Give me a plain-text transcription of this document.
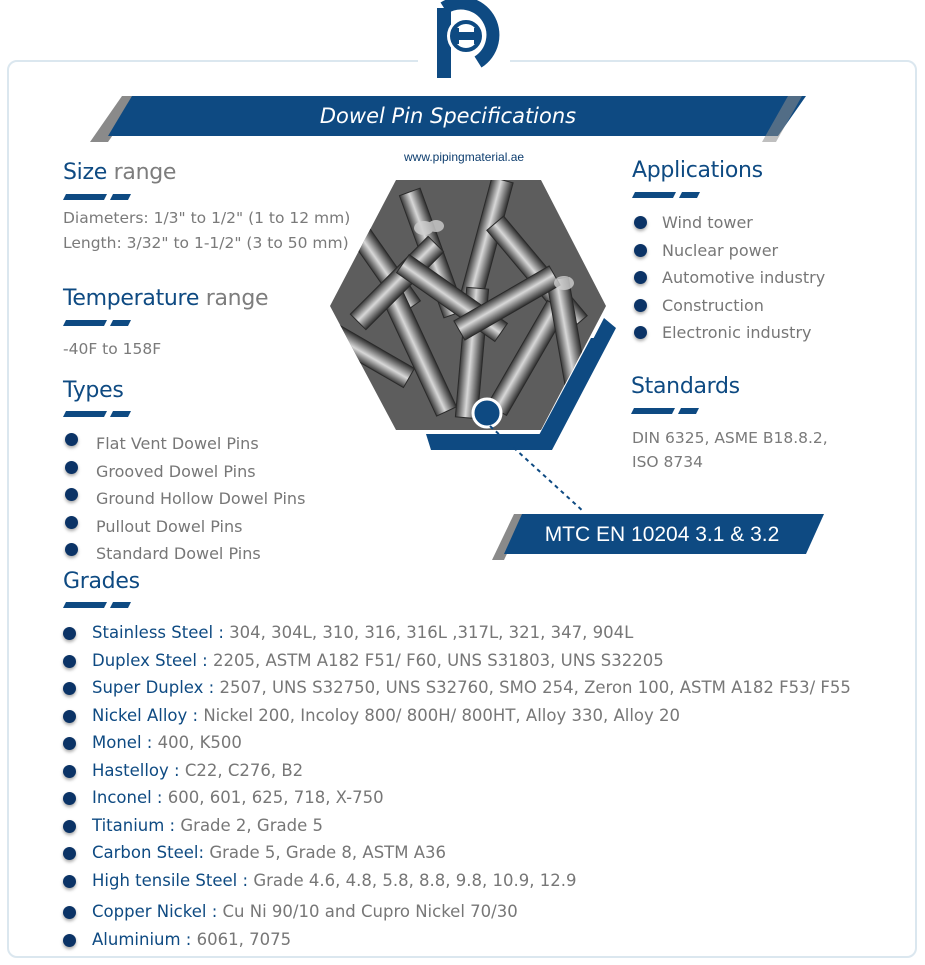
Dowel Pin Specifications
www.pipingmaterial.ae
Size range
Diameters: 1/3" to 1/2" (1 to 12 mm)
Length: 3/32" to 1-1/2" (3 to 50 mm)
Temperature range
-40F to 158F
Types
Flat Vent Dowel Pins
Grooved Dowel Pins
Ground Hollow Dowel Pins
Pullout Dowel Pins
Standard Dowel Pins
Applications
Wind tower
Nuclear power
Automotive industry
Construction
Electronic industry
Standards
DIN 6325, ASME B18.8.2,
ISO 8734
MTC EN 10204 3.1 & 3.2
Grades
Stainless Steel : 304, 304L, 310, 316, 316L ,317L, 321, 347, 904L
Duplex Steel : 2205, ASTM A182 F51/ F60, UNS S31803, UNS S32205
Super Duplex : 2507, UNS S32750, UNS S32760, SMO 254, Zeron 100, ASTM A182 F53/ F55
Nickel Alloy : Nickel 200, Incoloy 800/ 800H/ 800HT, Alloy 330, Alloy 20
Monel : 400, K500
Hastelloy : C22, C276, B2
Inconel : 600, 601, 625, 718, X-750
Titanium : Grade 2, Grade 5
Carbon Steel: Grade 5, Grade 8, ASTM A36
High tensile Steel : Grade 4.6, 4.8, 5.8, 8.8, 9.8, 10.9, 12.9
Copper Nickel : Cu Ni 90/10 and Cupro Nickel 70/30
Aluminium : 6061, 7075
